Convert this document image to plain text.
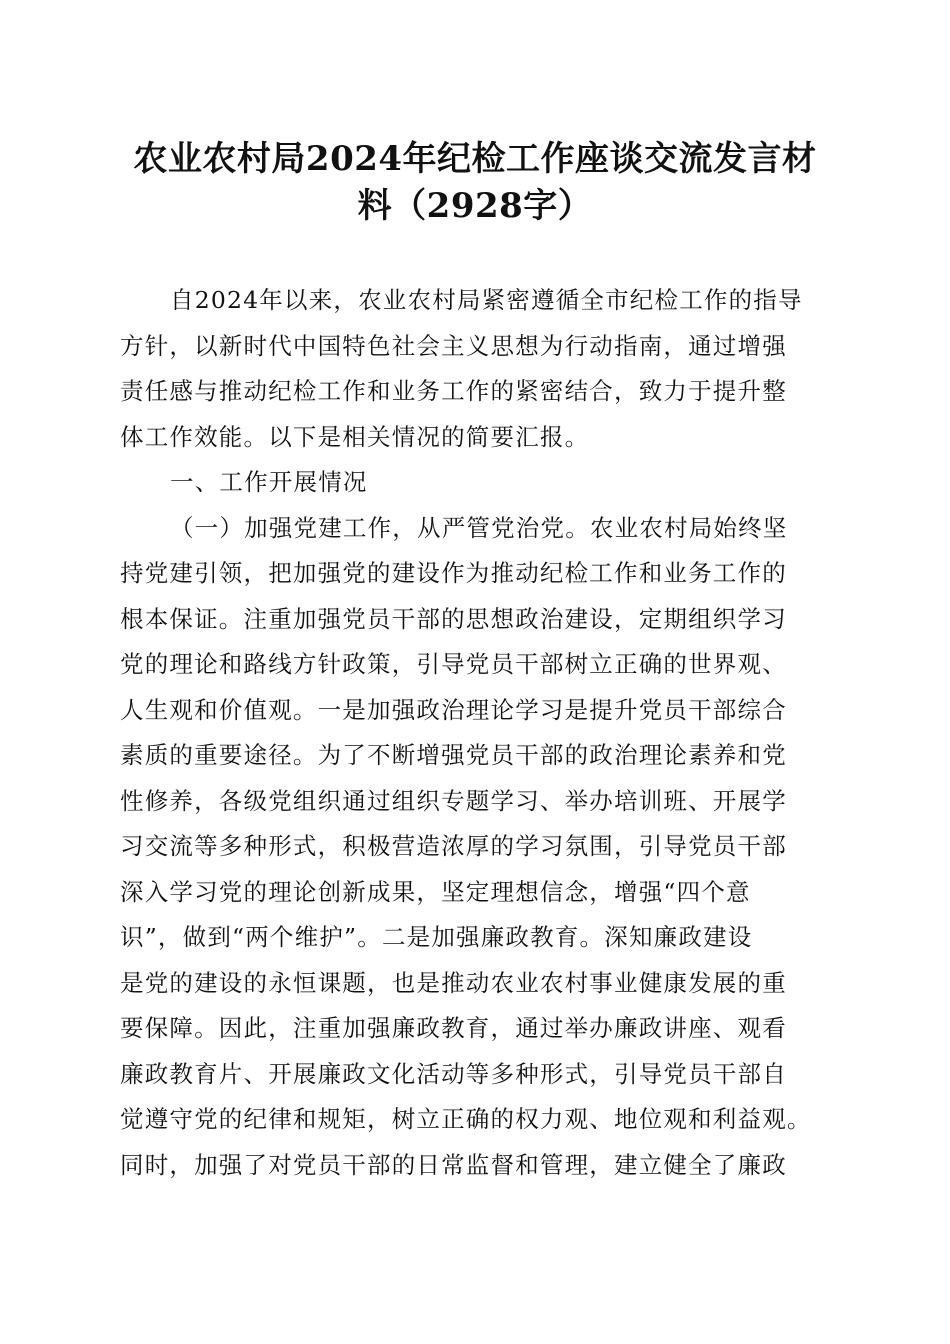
农业农村局2024年纪检工作座谈交流发言材
料（2928字）
自2024年以来，农业农村局紧密遵循全市纪检工作的指导
方针，以新时代中国特色社会主义思想为行动指南，通过增强
责任感与推动纪检工作和业务工作的紧密结合，致力于提升整
体工作效能。以下是相关情况的简要汇报。
一、工作开展情况
（一）加强党建工作，从严管党治党。农业农村局始终坚
持党建引领，把加强党的建设作为推动纪检工作和业务工作的
根本保证。注重加强党员干部的思想政治建设，定期组织学习
党的理论和路线方针政策，引导党员干部树立正确的世界观、
人生观和价值观。一是加强政治理论学习是提升党员干部综合
素质的重要途径。为了不断增强党员干部的政治理论素养和党
性修养，各级党组织通过组织专题学习、举办培训班、开展学
习交流等多种形式，积极营造浓厚的学习氛围，引导党员干部
深入学习党的理论创新成果，坚定理想信念，增强“四个意
识”，做到“两个维护”。二是加强廉政教育。深知廉政建设
是党的建设的永恒课题，也是推动农业农村事业健康发展的重
要保障。因此，注重加强廉政教育，通过举办廉政讲座、观看
廉政教育片、开展廉政文化活动等多种形式，引导党员干部自
觉遵守党的纪律和规矩，树立正确的权力观、地位观和利益观。
同时，加强了对党员干部的日常监督和管理，建立健全了廉政
